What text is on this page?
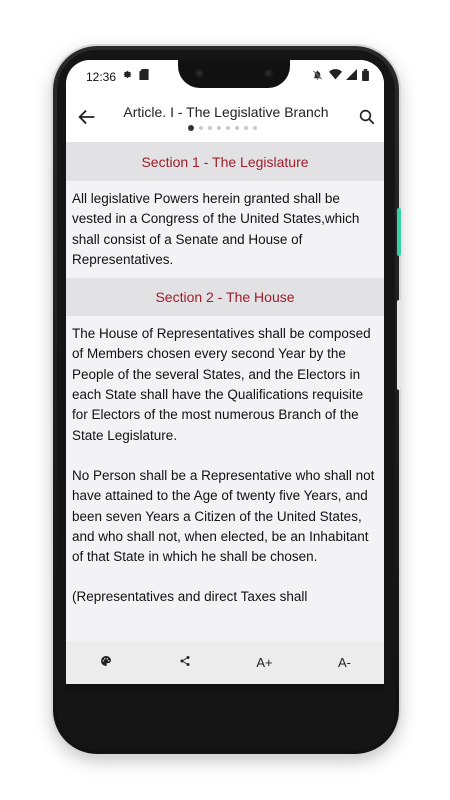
12:36
Article. I - The Legislative Branch
Section 1 - The Legislature

All legislative Powers herein granted shall be vested in a Congress of the United States,which shall consist of a Senate and House of Representatives.

Section 2 - The House

The House of Representatives shall be composed of Members chosen every second Year by the People of the several States, and the Electors in each State shall have the Qualifications requisite for Electors of the most numerous Branch of the State Legislature.

No Person shall be a Representative who shall not have attained to the Age of twenty five Years, and been seven Years a Citizen of the United States, and who shall not, when elected, be an Inhabitant of that State in which he shall be chosen.

(Representatives and direct Taxes shall

A+	A-
